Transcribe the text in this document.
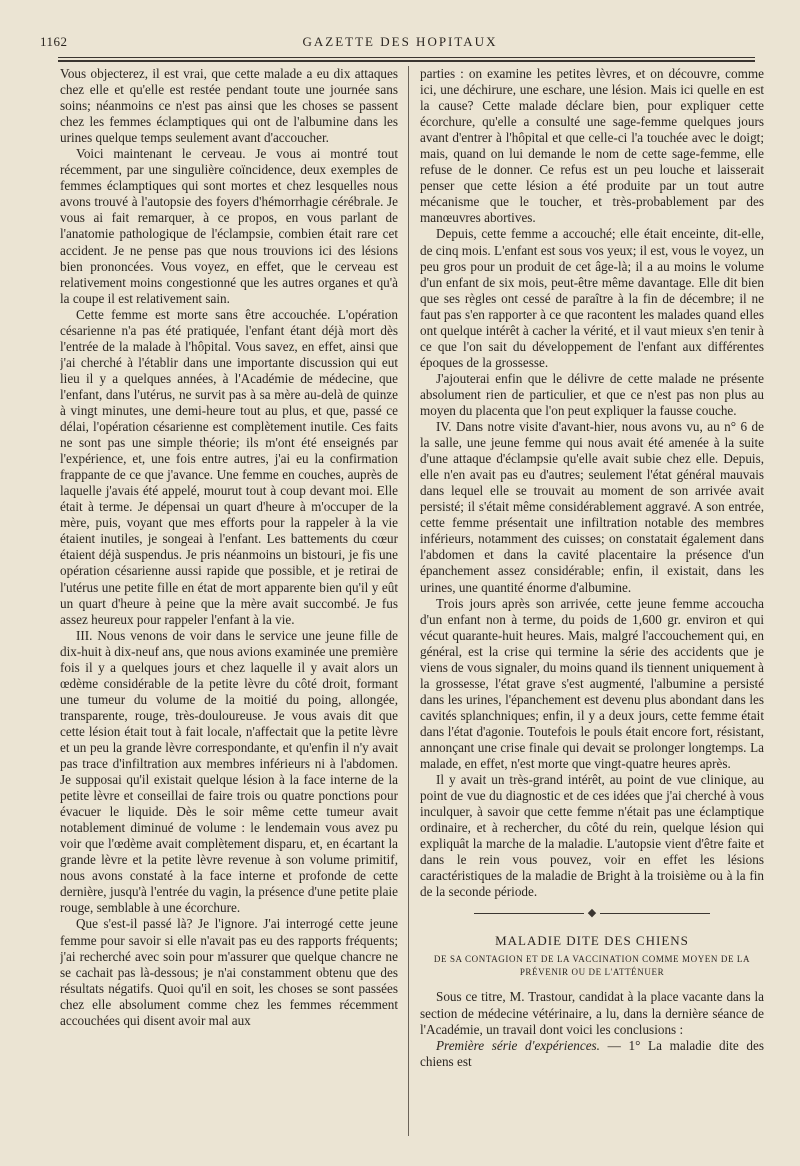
1162	GAZETTE DES HOPITAUX

Vous objecterez, il est vrai, que cette malade a eu dix attaques chez elle et qu'elle est restée pendant toute une journée sans soins; néanmoins ce n'est pas ainsi que les choses se passent chez les femmes éclamptiques qui ont de l'albumine dans les urines quelque temps seulement avant d'accoucher.

Voici maintenant le cerveau. Je vous ai montré tout récemment, par une singulière coïncidence, deux exemples de femmes éclamptiques qui sont mortes et chez lesquelles nous avons trouvé à l'autopsie des foyers d'hémorrhagie cérébrale. Je vous ai fait remarquer, à ce propos, en vous parlant de l'anatomie pathologique de l'éclampsie, combien était rare cet accident. Je ne pense pas que nous trouvions ici des lésions bien prononcées. Vous voyez, en effet, que le cerveau est relativement moins congestionné que les autres organes et qu'à la coupe il est relativement sain.

Cette femme est morte sans être accouchée. L'opération césarienne n'a pas été pratiquée, l'enfant étant déjà mort dès l'entrée de la malade à l'hôpital. Vous savez, en effet, ainsi que j'ai cherché à l'établir dans une importante discussion qui eut lieu il y a quelques années, à l'Académie de médecine, que l'enfant, dans l'utérus, ne survit pas à sa mère au-delà de quinze à vingt minutes, une demi-heure tout au plus, et que, passé ce délai, l'opération césarienne est complètement inutile. Ces faits ne sont pas une simple théorie; ils m'ont été enseignés par l'expérience, et, une fois entre autres, j'ai eu la confirmation frappante de ce que j'avance. Une femme en couches, auprès de laquelle j'avais été appelé, mourut tout à coup devant moi. Elle était à terme. Je dépensai un quart d'heure à m'occuper de la mère, puis, voyant que mes efforts pour la rappeler à la vie étaient inutiles, je songeai à l'enfant. Les battements du cœur étaient déjà suspendus. Je pris néanmoins un bistouri, je fis une opération césarienne aussi rapide que possible, et je retirai de l'utérus une petite fille en état de mort apparente bien qu'il y eût un quart d'heure à peine que la mère avait succombé. Je fus assez heureux pour rappeler l'enfant à la vie.

III. Nous venons de voir dans le service une jeune fille de dix-huit à dix-neuf ans, que nous avions examinée une première fois il y a quelques jours et chez laquelle il y avait alors un œdème considérable de la petite lèvre du côté droit, formant une tumeur du volume de la moitié du poing, allongée, transparente, rouge, très-douloureuse. Je vous avais dit que cette lésion était tout à fait locale, n'affectait que la petite lèvre et un peu la grande lèvre correspondante, et qu'enfin il n'y avait pas trace d'infiltration aux membres inférieurs ni à l'abdomen. Je supposai qu'il existait quelque lésion à la face interne de la petite lèvre et conseillai de faire trois ou quatre ponctions pour évacuer le liquide. Dès le soir même cette tumeur avait notablement diminué de volume : le lendemain vous avez pu voir que l'œdème avait complètement disparu, et, en écartant la grande lèvre et la petite lèvre revenue à son volume primitif, nous avons constaté à la face interne et profonde de cette dernière, jusqu'à l'entrée du vagin, la présence d'une petite plaie rouge, semblable à une écorchure.

Que s'est-il passé là? Je l'ignore. J'ai interrogé cette jeune femme pour savoir si elle n'avait pas eu des rapports fréquents; j'ai recherché avec soin pour m'assurer que quelque chancre ne se cachait pas là-dessous; je n'ai constamment obtenu que des résultats négatifs. Quoi qu'il en soit, les choses se sont passées chez elle absolument comme chez les femmes récemment accouchées qui disent avoir mal aux

parties : on examine les petites lèvres, et on découvre, comme ici, une déchirure, une eschare, une lésion. Mais ici quelle en est la cause? Cette malade déclare bien, pour expliquer cette écorchure, qu'elle a consulté une sage-femme quelques jours avant d'entrer à l'hôpital et que celle-ci l'a touchée avec le doigt; mais, quand on lui demande le nom de cette sage-femme, elle refuse de le donner. Ce refus est un peu louche et laisserait penser que cette lésion a été produite par un tout autre mécanisme que le toucher, et très-probablement par des manœuvres abortives.

Depuis, cette femme a accouché; elle était enceinte, dit-elle, de cinq mois. L'enfant est sous vos yeux; il est, vous le voyez, un peu gros pour un produit de cet âge-là; il a au moins le volume d'un enfant de six mois, peut-être même davantage. Elle dit bien que ses règles ont cessé de paraître à la fin de décembre; il ne faut pas s'en rapporter à ce que racontent les malades quand elles ont quelque intérêt à cacher la vérité, et il vaut mieux s'en tenir à ce que l'on sait du développement de l'enfant aux différentes époques de la grossesse.

J'ajouterai enfin que le délivre de cette malade ne présente absolument rien de particulier, et que ce n'est pas non plus au moyen du placenta que l'on peut expliquer la fausse couche.

IV. Dans notre visite d'avant-hier, nous avons vu, au n° 6 de la salle, une jeune femme qui nous avait été amenée à la suite d'une attaque d'éclampsie qu'elle avait subie chez elle. Depuis, elle n'en avait pas eu d'autres; seulement l'état général mauvais dans lequel elle se trouvait au moment de son arrivée avait persisté; il s'était même considérablement aggravé. A son entrée, cette femme présentait une infiltration notable des membres inférieurs, notamment des cuisses; on constatait également dans l'abdomen et dans la cavité placentaire la présence d'un épanchement assez considérable; enfin, il existait, dans les urines, une quantité énorme d'albumine.

Trois jours après son arrivée, cette jeune femme accoucha d'un enfant non à terme, du poids de 1,600 gr. environ et qui vécut quarante-huit heures. Mais, malgré l'accouchement qui, en général, est la crise qui termine la série des accidents que je viens de vous signaler, du moins quand ils tiennent uniquement à la grossesse, l'état grave s'est augmenté, l'albumine a persisté dans les urines, l'épanchement est devenu plus abondant dans les cavités splanchniques; enfin, il y a deux jours, cette femme était dans l'état d'agonie. Toutefois le pouls était encore fort, résistant, annonçant une crise finale qui devait se prolonger longtemps. La malade, en effet, n'est morte que vingt-quatre heures après.

Il y avait un très-grand intérêt, au point de vue clinique, au point de vue du diagnostic et de ces idées que j'ai cherché à vous inculquer, à savoir que cette femme n'était pas une éclamptique ordinaire, et à rechercher, du côté du rein, quelque lésion qui expliquât la marche de la maladie. L'autopsie vient d'être faite et dans le rein vous pouvez, voir en effet les lésions caractéristiques de la maladie de Bright à la troisième ou à la fin de la seconde période.

◆
MALADIE DITE DES CHIENS
DE SA CONTAGION ET DE LA VACCINATION COMME MOYEN DE LA PRÉVENIR OU DE L'ATTÉNUER

Sous ce titre, M. Trastour, candidat à la place vacante dans la section de médecine vétérinaire, a lu, dans la dernière séance de l'Académie, un travail dont voici les conclusions :

Première série d'expériences. — 1° La maladie dite des chiens est
